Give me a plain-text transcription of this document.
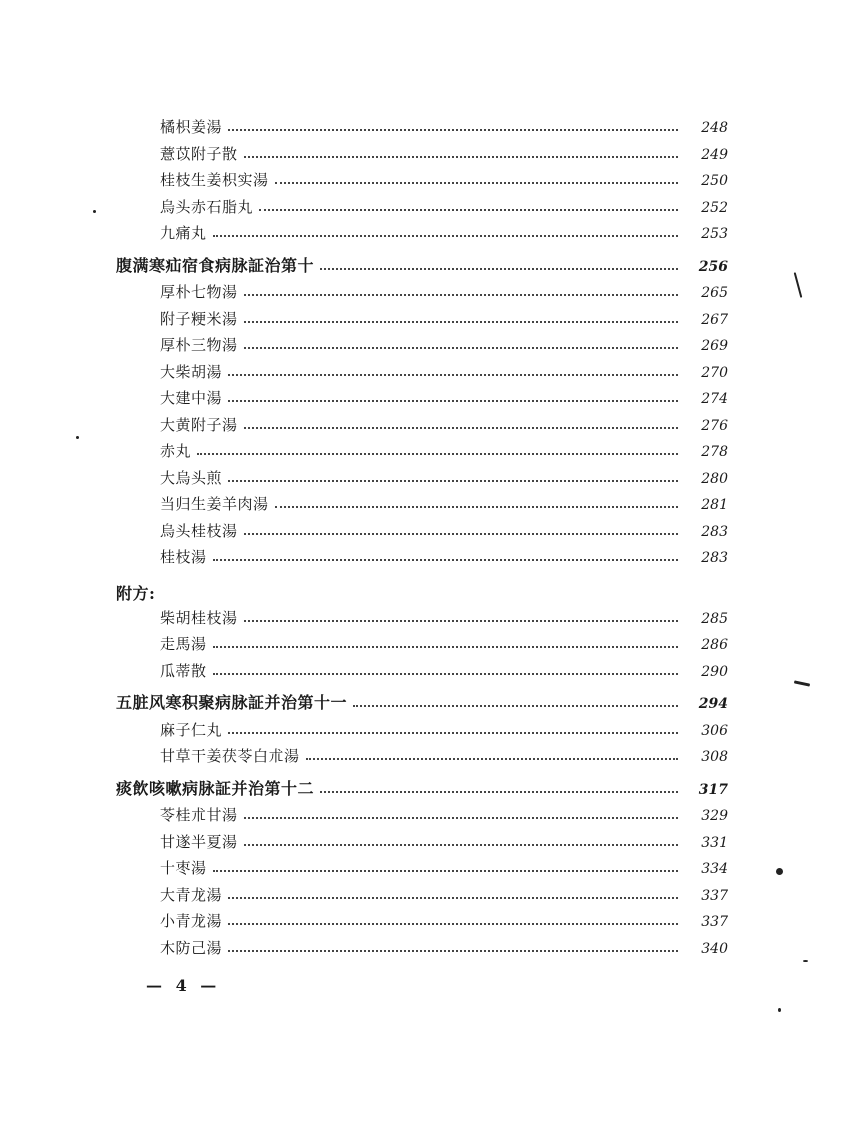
橘枳姜湯	248
薏苡附子散	249
桂枝生姜枳实湯	250
烏头赤石脂丸	252
九痛丸	253
腹满寒疝宿食病脉証治第十	256
厚朴七物湯	265
附子粳米湯	267
厚朴三物湯	269
大柴胡湯	270
大建中湯	274
大黄附子湯	276
赤丸	278
大烏头煎	280
当归生姜羊肉湯	281
烏头桂枝湯	283
桂枝湯	283
附方:
柴胡桂枝湯	285
走馬湯	286
瓜蒂散	290
五脏风寒积聚病脉証并治第十一	294
麻子仁丸	306
甘草干姜茯苓白朮湯	308
痰飲咳嗽病脉証并治第十二	317
苓桂朮甘湯	329
甘遂半夏湯	331
十枣湯	334
大青龙湯	337
小青龙湯	337
木防己湯	340
— 4 —
